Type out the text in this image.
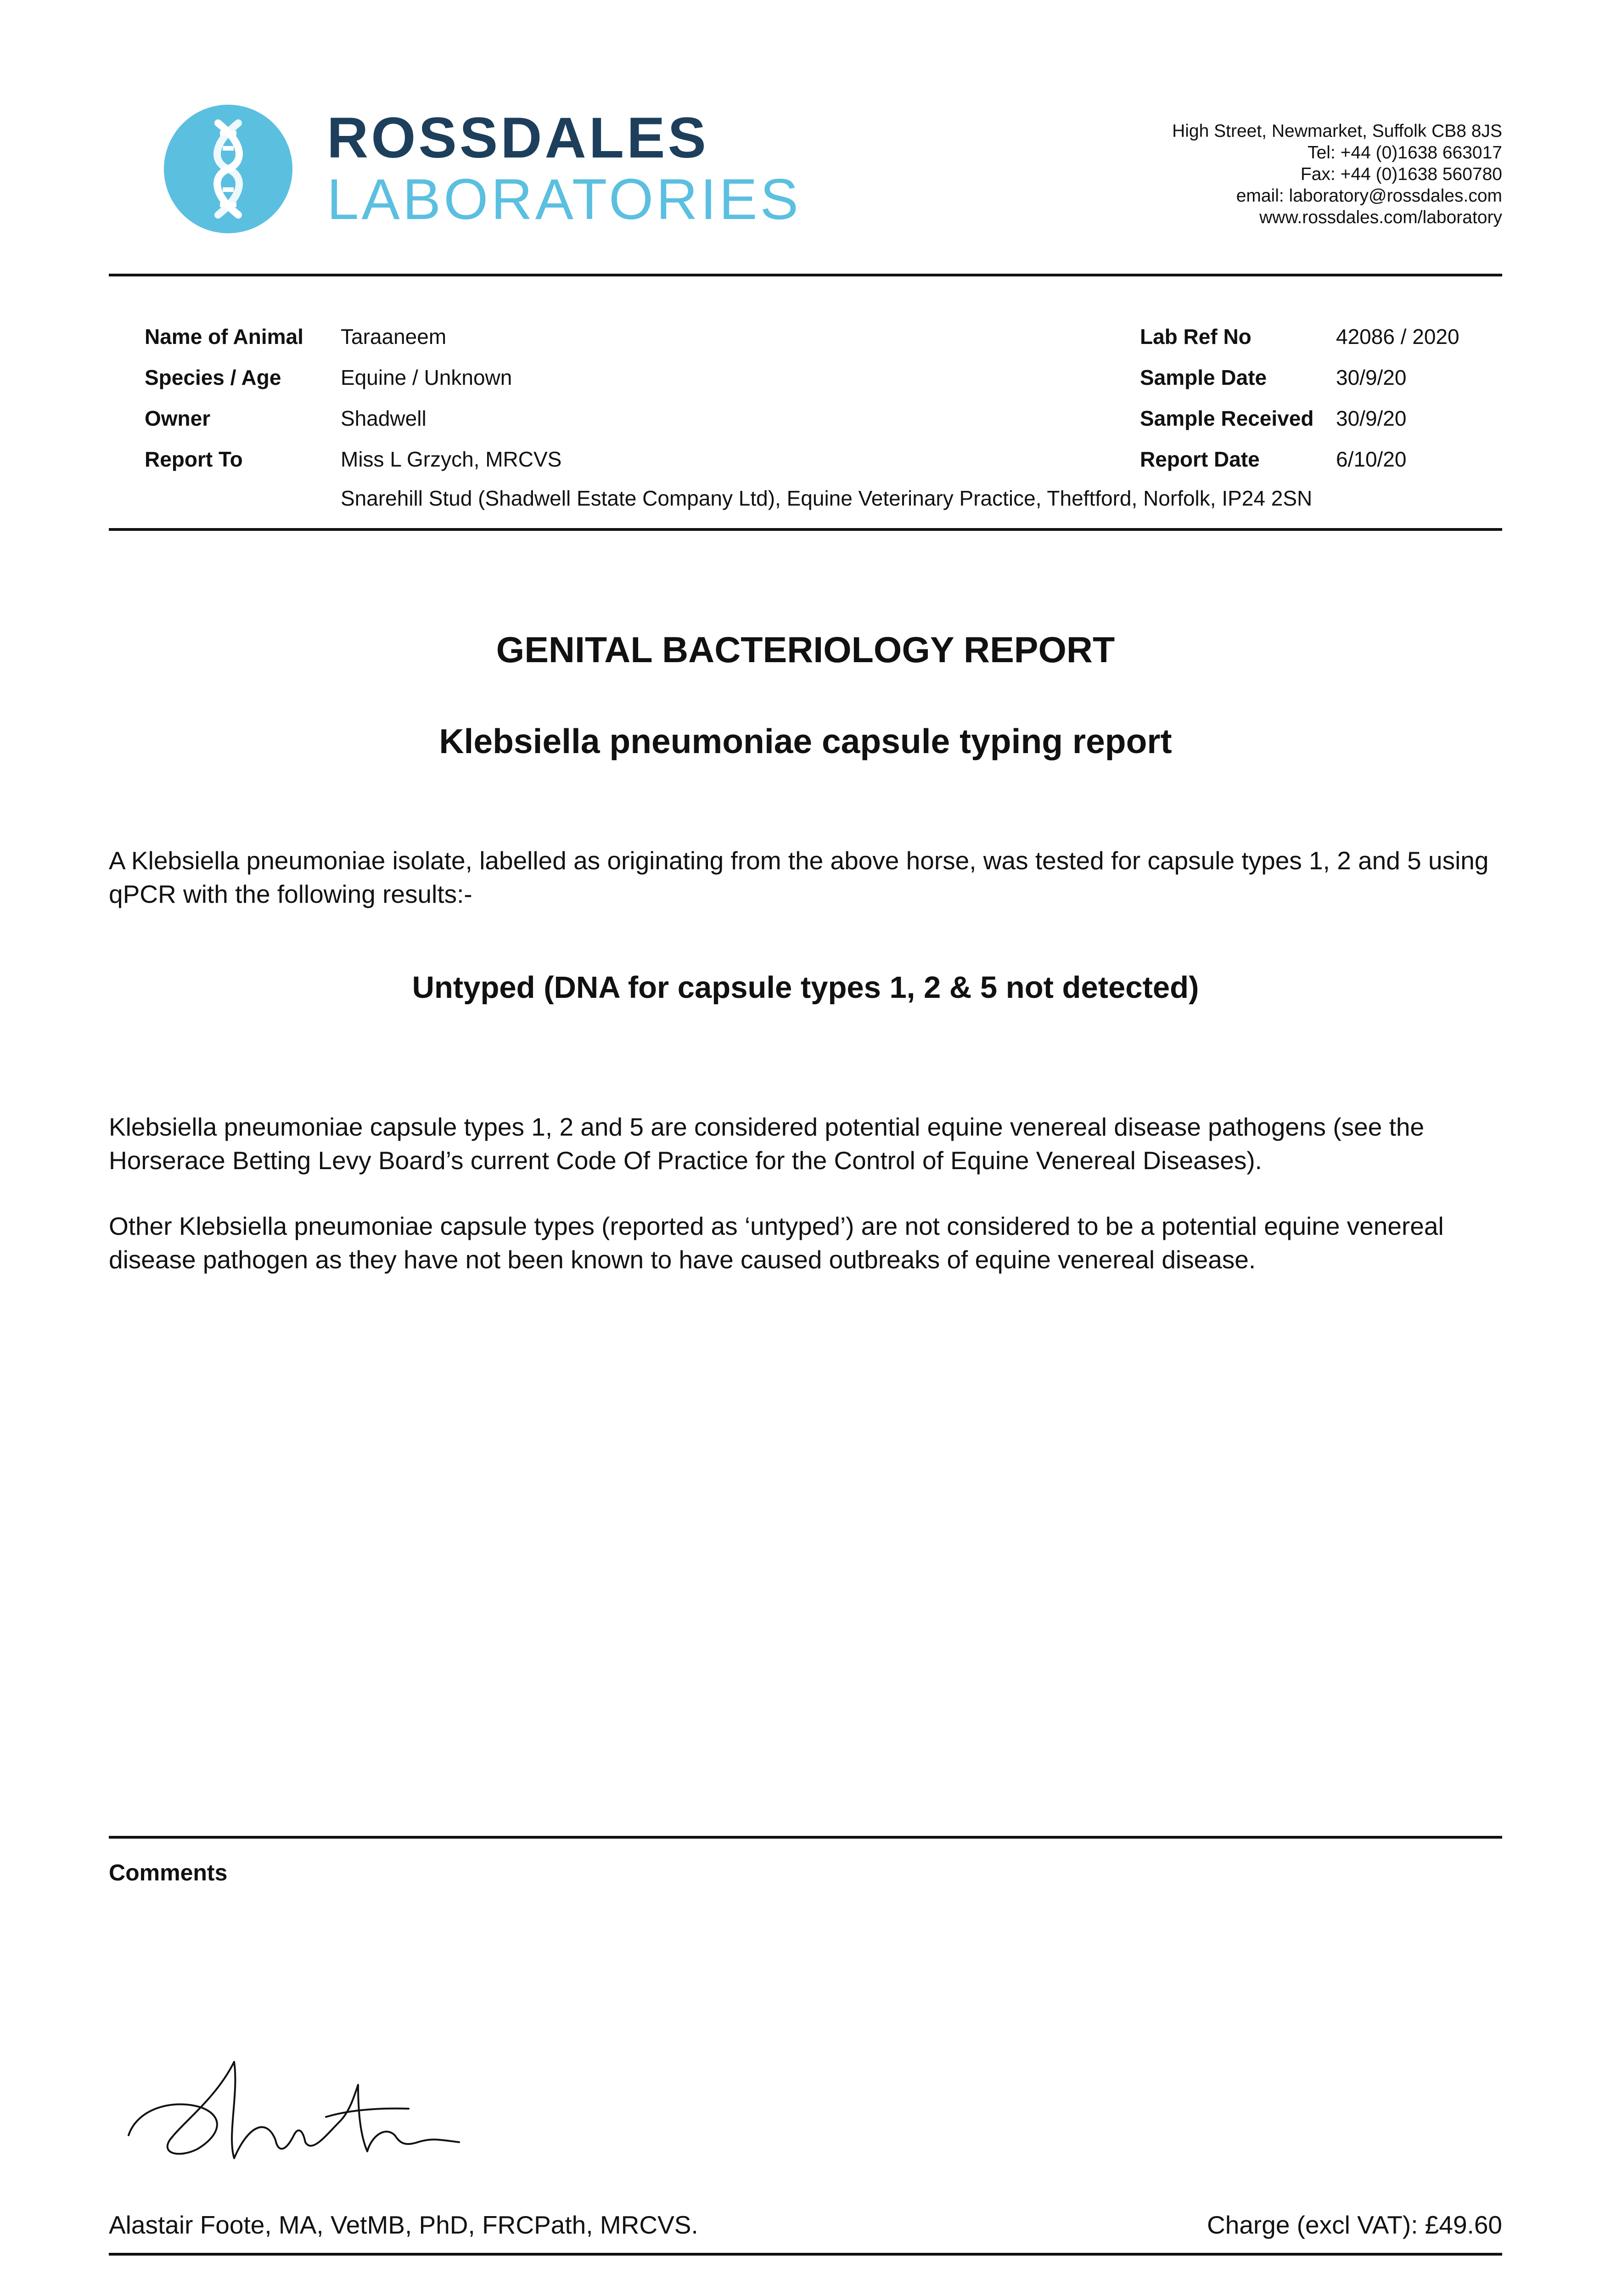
ROSSDALES
LABORATORIES
High Street, Newmarket, Suffolk CB8 8JS
Tel: +44 (0)1638 663017
Fax: +44 (0)1638 560780
email: laboratory@rossdales.com
www.rossdales.com/laboratory
Name of Animal Taraaneem
Species / Age	Equine / Unknown
Owner	Shadwell
Report To	Miss L Grzych, MRCVS
Snarehill Stud (Shadwell Estate Company Ltd), Equine Veterinary Practice, Theftford, Norfolk, IP24 2SN
Lab Ref No	42086 / 2020
Sample Date	30/9/20
Sample Received 30/9/20
Report Date	6/10/20
GENITAL BACTERIOLOGY REPORT
Klebsiella pneumoniae capsule typing report

A Klebsiella pneumoniae isolate, labelled as originating from the above horse, was tested for capsule types 1, 2 and 5 using qPCR with the following results:-

Untyped (DNA for capsule types 1, 2 & 5 not detected)

Klebsiella pneumoniae capsule types 1, 2 and 5 are considered potential equine venereal disease pathogens (see the Horserace Betting Levy Board’s current Code Of Practice for the Control of Equine Venereal Diseases).

Other Klebsiella pneumoniae capsule types (reported as ‘untyped’) are not considered to be a potential equine venereal disease pathogen as they have not been known to have caused outbreaks of equine venereal disease.

Comments
Alastair Foote, MA, VetMB, PhD, FRCPath, MRCVS.	Charge (excl VAT): £49.60
